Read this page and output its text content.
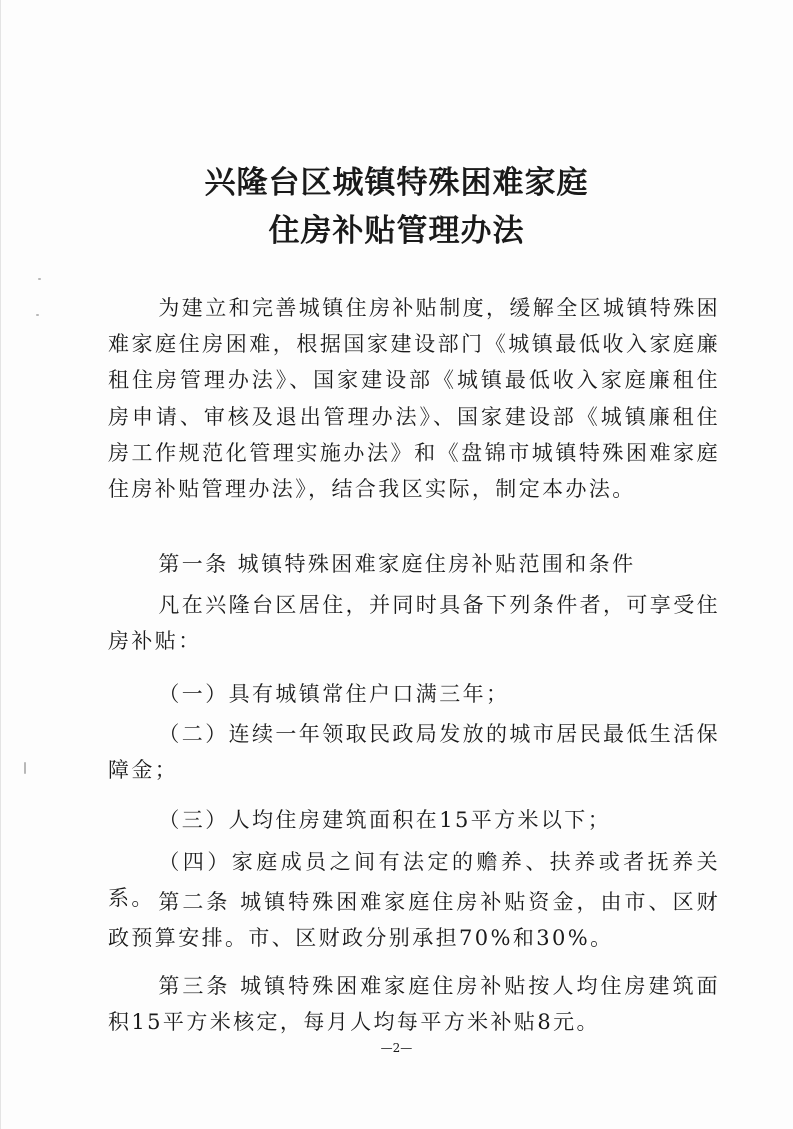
兴隆台区城镇特殊困难家庭
住房补贴管理办法

为建立和完善城镇住房补贴制度，缓解全区城镇特殊困难家庭住房困难，根据国家建设部门《城镇最低收入家庭廉租住房管理办法》、国家建设部《城镇最低收入家庭廉租住房申请、审核及退出管理办法》、国家建设部《城镇廉租住房工作规范化管理实施办法》和《盘锦市城镇特殊困难家庭住房补贴管理办法》，结合我区实际，制定本办法。

第一条 城镇特殊困难家庭住房补贴范围和条件

凡在兴隆台区居住，并同时具备下列条件者，可享受住房补贴：

（一）具有城镇常住户口满三年；

（二）连续一年领取民政局发放的城市居民最低生活保障金；

（三）人均住房建筑面积在15平方米以下；

（四）家庭成员之间有法定的赡养、扶养或者抚养关系。 第二条 城镇特殊困难家庭住房补贴资金，由市、区财政预算安排。市、区财政分别承担70%和30%。

第三条 城镇特殊困难家庭住房补贴按人均住房建筑面积15平方米核定，每月人均每平方米补贴8元。

—2—
